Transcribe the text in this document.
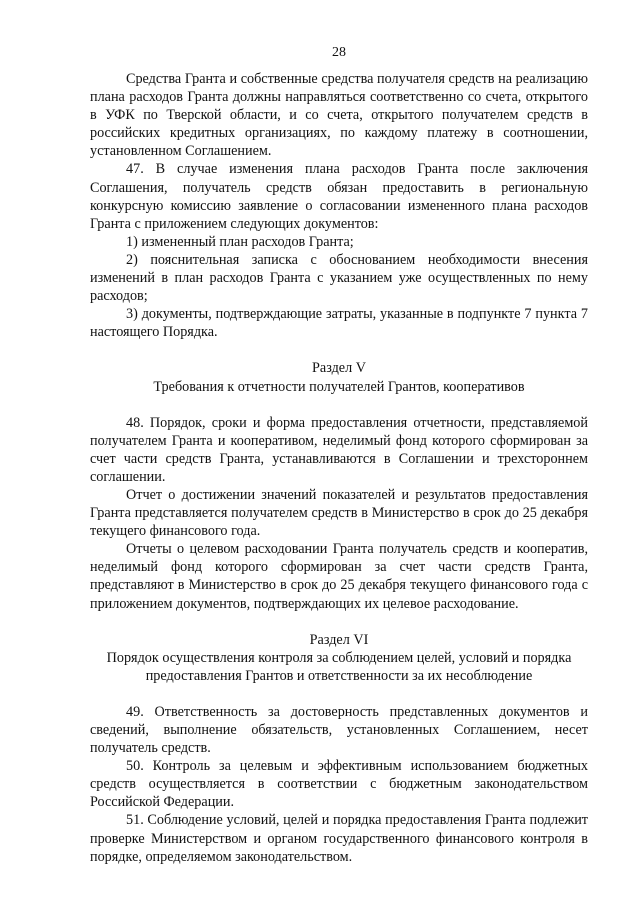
28

Средства Гранта и собственные средства получателя средств на реализацию плана расходов Гранта должны направляться соответственно со счета, открытого в УФК по Тверской области, и со счета, открытого получателем средств в российских кредитных организациях, по каждому платежу в соотношении, установленном Соглашением.

47. В случае изменения плана расходов Гранта после заключения Соглашения, получатель средств обязан предоставить в региональную конкурсную комиссию заявление о согласовании измененного плана расходов Гранта с приложением следующих документов:

1) измененный план расходов Гранта;

2) пояснительная записка с обоснованием необходимости внесения изменений в план расходов Гранта с указанием уже осуществленных по нему расходов;

3) документы, подтверждающие затраты, указанные в подпункте 7 пункта 7 настоящего Порядка.

Раздел V

Требования к отчетности получателей Грантов, кооперативов

48. Порядок, сроки и форма предоставления отчетности, представляемой получателем Гранта и кооперативом, неделимый фонд которого сформирован за счет части средств Гранта, устанавливаются в Соглашении и трехстороннем соглашении.

Отчет о достижении значений показателей и результатов предоставления Гранта представляется получателем средств в Министерство в срок до 25 декабря текущего финансового года.

Отчеты о целевом расходовании Гранта получатель средств и кооператив, неделимый фонд которого сформирован за счет части средств Гранта, представляют в Министерство в срок до 25 декабря текущего финансового года с приложением документов, подтверждающих их целевое расходование.

Раздел VI

Порядок осуществления контроля за соблюдением целей, условий и порядка предоставления Грантов и ответственности за их несоблюдение

49. Ответственность за достоверность представленных документов и сведений, выполнение обязательств, установленных Соглашением, несет получатель средств.

50. Контроль за целевым и эффективным использованием бюджетных средств осуществляется в соответствии с бюджетным законодательством Российской Федерации.

51. Соблюдение условий, целей и порядка предоставления Гранта подлежит проверке Министерством и органом государственного финансового контроля в порядке, определяемом законодательством.
